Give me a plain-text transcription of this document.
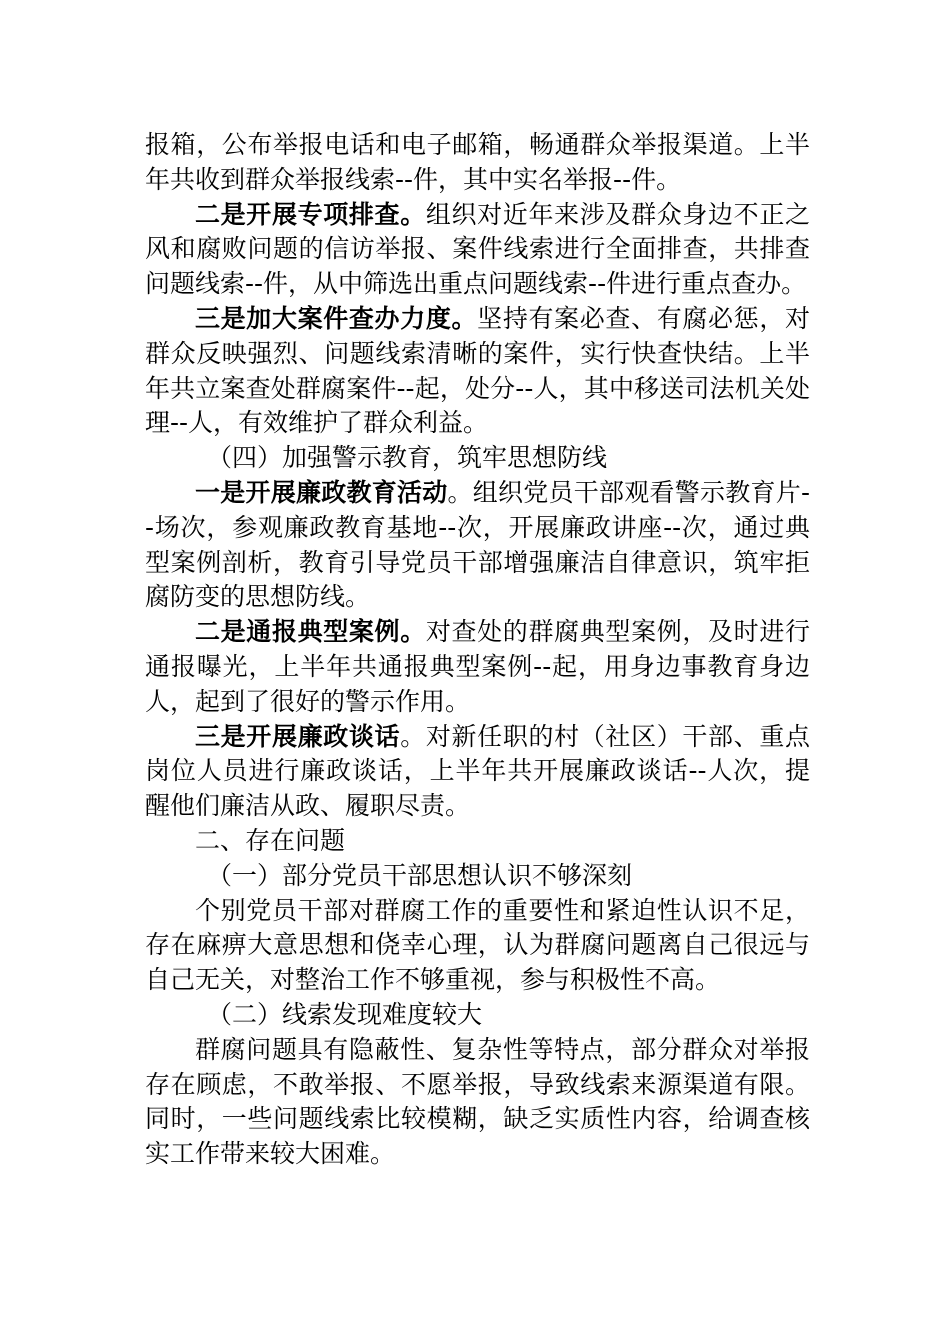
报箱，公布举报电话和电子邮箱，畅通群众举报渠道。上半年共收到群众举报线索--件，其中实名举报--件。

二是开展专项排查。组织对近年来涉及群众身边不正之风和腐败问题的信访举报、案件线索进行全面排查，共排查问题线索--件，从中筛选出重点问题线索--件进行重点查办。

三是加大案件查办力度。坚持有案必查、有腐必惩，对群众反映强烈、问题线索清晰的案件，实行快查快结。上半年共立案查处群腐案件--起，处分--人，其中移送司法机关处理--人，有效维护了群众利益。

（四）加强警示教育，筑牢思想防线

一是开展廉政教育活动。组织党员干部观看警示教育片--场次，参观廉政教育基地--次，开展廉政讲座--次，通过典型案例剖析，教育引导党员干部增强廉洁自律意识，筑牢拒腐防变的思想防线。

二是通报典型案例。对查处的群腐典型案例，及时进行通报曝光，上半年共通报典型案例--起，用身边事教育身边人，起到了很好的警示作用。

三是开展廉政谈话。对新任职的村（社区）干部、重点岗位人员进行廉政谈话，上半年共开展廉政谈话--人次，提醒他们廉洁从政、履职尽责。

二、存在问题

（一）部分党员干部思想认识不够深刻

个别党员干部对群腐工作的重要性和紧迫性认识不足，存在麻痹大意思想和侥幸心理，认为群腐问题离自己很远与自己无关，对整治工作不够重视，参与积极性不高。

（二）线索发现难度较大

群腐问题具有隐蔽性、复杂性等特点，部分群众对举报存在顾虑，不敢举报、不愿举报，导致线索来源渠道有限。同时，一些问题线索比较模糊，缺乏实质性内容，给调查核实工作带来较大困难。
